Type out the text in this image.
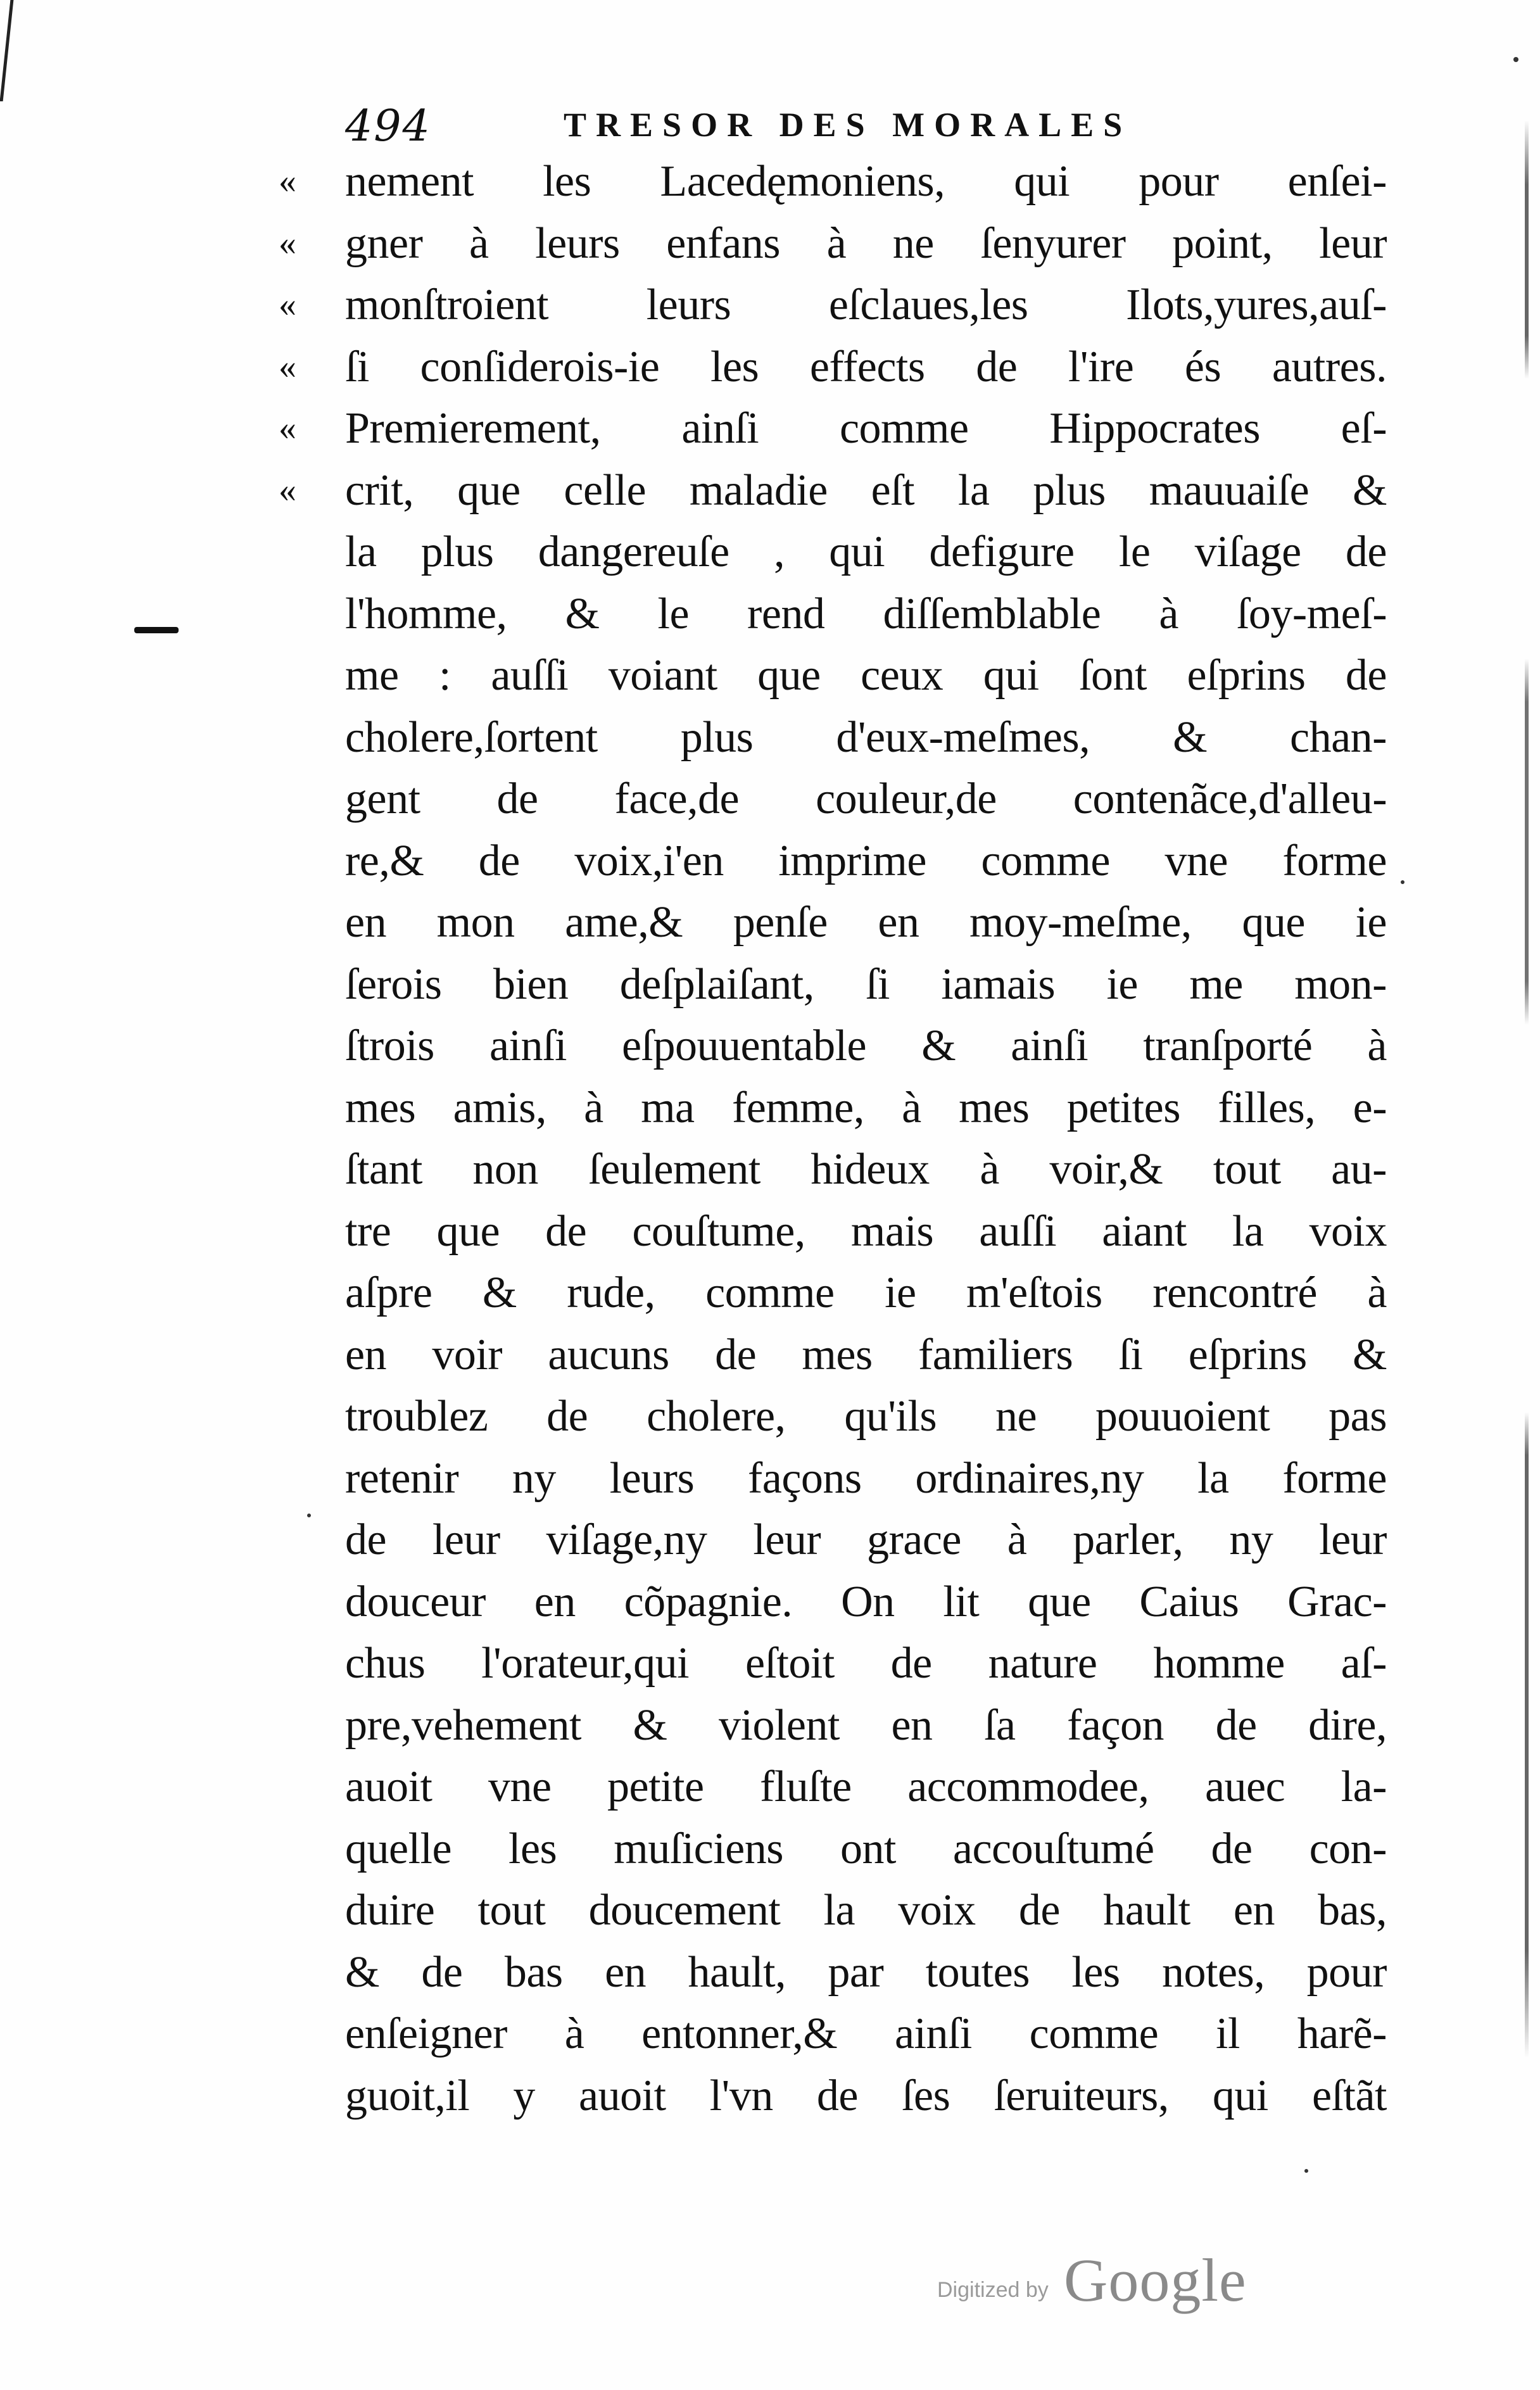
494	TRESOR DES MORALES
«	nement les Lacedęmoniens, qui pour enſei-
«	gner à leurs enfans à ne ſenyurer point, leur
«	monſtroient leurs eſclaues,les Ilots,yures,auſ-
«	ſi conſiderois-ie les effects de l'ire és autres.
«	Premierement, ainſi comme Hippocrates eſ-
«	crit, que celle maladie eſt la plus mauuaiſe &
la plus dangereuſe , qui defigure le viſage de
l'homme, & le rend diſſemblable à ſoy-meſ-
me : auſſi voiant que ceux qui ſont eſprins de
cholere,ſortent plus d'eux-meſmes, & chan-
gent de face,de couleur,de contenãce,d'alleu-
re,& de voix,i'en imprime comme vne forme
en mon ame,& penſe en moy-meſme, que ie
ſerois bien deſplaiſant, ſi iamais ie me mon-
ſtrois ainſi eſpouuentable & ainſi tranſporté à
mes amis, à ma femme, à mes petites filles, e-
ſtant non ſeulement hideux à voir,& tout au-
tre que de couſtume, mais auſſi aiant la voix
aſpre & rude, comme ie m'eſtois rencontré à
en voir aucuns de mes familiers ſi eſprins &
troublez de cholere, qu'ils ne pouuoient pas
retenir ny leurs façons ordinaires,ny la forme
de leur viſage,ny leur grace à parler, ny leur
douceur en cõpagnie. On lit que Caius Grac-
chus l'orateur,qui eſtoit de nature homme aſ-
pre,vehement & violent en ſa façon de dire,
auoit vne petite fluſte accommodee, auec la-
quelle les muſiciens ont accouſtumé de con-
duire tout doucement la voix de hault en bas,
& de bas en hault, par toutes les notes, pour
enſeigner à entonner,& ainſi comme il harẽ-
guoit,il y auoit l'vn de ſes ſeruiteurs, qui eſtãt
Digitized by Google
